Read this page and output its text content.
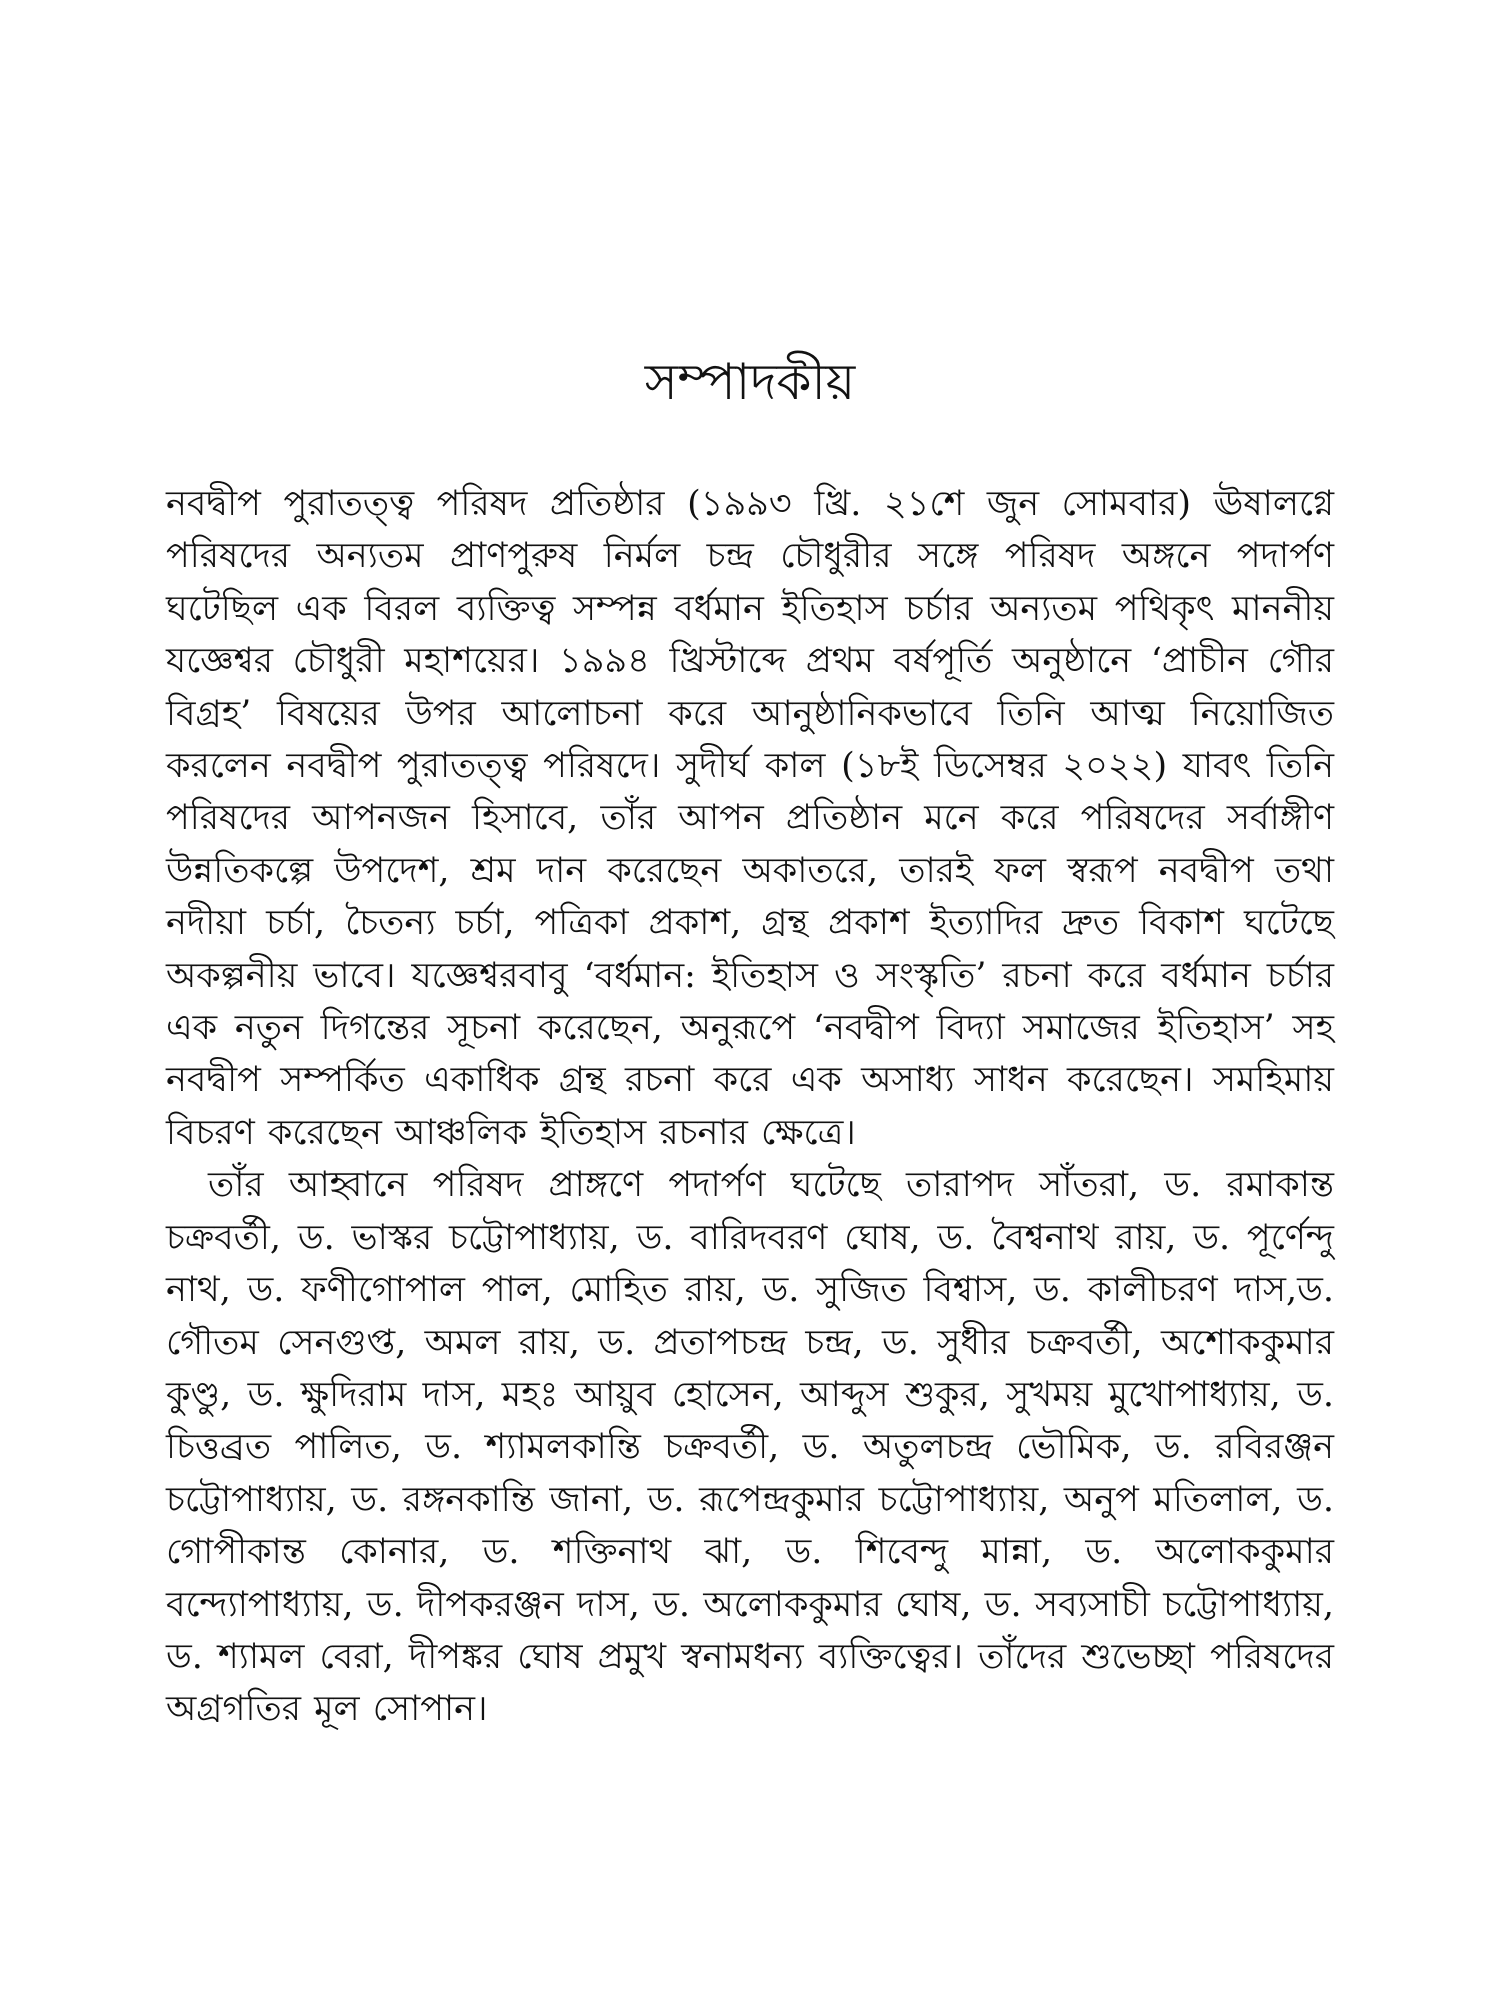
সম্পাদকীয়

নবদ্বীপ পুরাতত্ত্ব পরিষদ প্রতিষ্ঠার (১৯৯৩ খ্রি. ২১শে জুন সোমবার) ঊষালগ্নে পরিষদের অন্যতম প্রাণপুরুষ নির্মল চন্দ্র চৌধুরীর সঙ্গে পরিষদ অঙ্গনে পদার্পণ ঘটেছিল এক বিরল ব্যক্তিত্ব সম্পন্ন বর্ধমান ইতিহাস চর্চার অন্যতম পথিকৃৎ মাননীয় যজ্ঞেশ্বর চৌধুরী মহাশয়ের। ১৯৯৪ খ্রিস্টাব্দে প্রথম বর্ষপূর্তি অনুষ্ঠানে ‘প্রাচীন গৌর বিগ্রহ’ বিষয়ের উপর আলোচনা করে আনুষ্ঠানিকভাবে তিনি আত্ম নিয়োজিত করলেন নবদ্বীপ পুরাতত্ত্ব পরিষদে। সুদীর্ঘ কাল (১৮ই ডিসেম্বর ২০২২) যাবৎ তিনি পরিষদের আপনজন হিসাবে, তাঁর আপন প্রতিষ্ঠান মনে করে পরিষদের সর্বাঙ্গীণ উন্নতিকল্পে উপদেশ, শ্রম দান করেছেন অকাতরে, তারই ফল স্বরূপ নবদ্বীপ তথা নদীয়া চর্চা, চৈতন্য চর্চা, পত্রিকা প্রকাশ, গ্রন্থ প্রকাশ ইত্যাদির দ্রুত বিকাশ ঘটেছে অকল্পনীয় ভাবে। যজ্ঞেশ্বরবাবু ‘বর্ধমান: ইতিহাস ও সংস্কৃতি’ রচনা করে বর্ধমান চর্চার এক নতুন দিগন্তের সূচনা করেছেন, অনুরূপে ‘নবদ্বীপ বিদ্যা সমাজের ইতিহাস’ সহ নবদ্বীপ সম্পর্কিত একাধিক গ্রন্থ রচনা করে এক অসাধ্য সাধন করেছেন। সমহিমায় বিচরণ করেছেন আঞ্চলিক ইতিহাস রচনার ক্ষেত্রে।

তাঁর আহ্বানে পরিষদ প্রাঙ্গণে পদার্পণ ঘটেছে তারাপদ সাঁতরা, ড. রমাকান্ত চক্রবর্তী, ড. ভাস্কর চট্টোপাধ্যায়, ড. বারিদবরণ ঘোষ, ড. বৈশ্বনাথ রায়, ড. পূর্ণেন্দু নাথ, ড. ফণীগোপাল পাল, মোহিত রায়, ড. সুজিত বিশ্বাস, ড. কালীচরণ দাস,ড. গৌতম সেনগুপ্ত, অমল রায়, ড. প্রতাপচন্দ্র চন্দ্র, ড. সুধীর চক্রবর্তী, অশোককুমার কুণ্ডু, ড. ক্ষুদিরাম দাস, মহঃ আয়ুব হোসেন, আব্দুস শুকুর, সুখময় মুখোপাধ্যায়, ড. চিত্তব্রত পালিত, ড. শ্যামলকান্তি চক্রবর্তী, ড. অতুলচন্দ্র ভৌমিক, ড. রবিরঞ্জন চট্টোপাধ্যায়, ড. রঙ্গনকান্তি জানা, ড. রূপেন্দ্রকুমার চট্টোপাধ্যায়, অনুপ মতিলাল, ড. গোপীকান্ত কোনার, ড. শক্তিনাথ ঝা, ড. শিবেন্দু মান্না, ড. অলোককুমার বন্দ্যোপাধ্যায়, ড. দীপকরঞ্জন দাস, ড. অলোককুমার ঘোষ, ড. সব্যসাচী চট্টোপাধ্যায়, ড. শ্যামল বেরা, দীপঙ্কর ঘোষ প্রমুখ স্বনামধন্য ব্যক্তিত্বের। তাঁদের শুভেচ্ছা পরিষদের অগ্রগতির মূল সোপান।
